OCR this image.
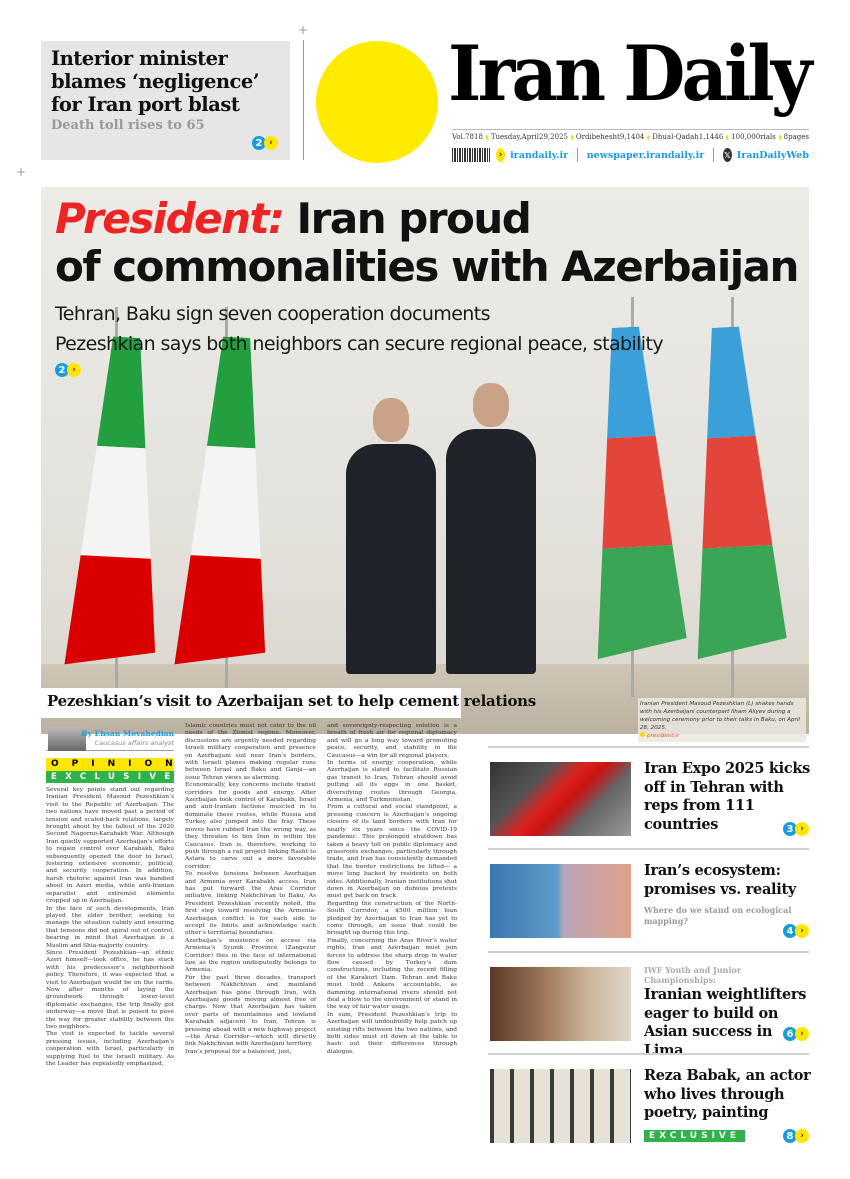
+
+
Interior minister blames ‘negligence’ for Iran port blast
Death toll rises to 65
2 ›
Iran Daily
Vol.7818 Tuesday,April29,2025 Ordibehesht9,1404 Dhual-Qadah1,1446 100,000rials 8pages
› irandaily.ir newspaper.irandaily.ir 𝕏 IranDailyWeb
President: Iran proud
of commonalities with Azerbaijan
Tehran, Baku sign seven cooperation documents
Pezeshkian says both neighbors can secure regional peace, stability
2 ›
Iranian President Masoud Pezeshkian (L) shakes hands with his Azerbaijani counterpart Ilham Aliyev during a welcoming ceremony prior to their talks in Baku, on April 28, 2025.
president.ir
Pezeshkian’s visit to Azerbaijan set to help cement relations
By Ehsan Movahedian
Caucasus affairs analyst
OPINION
EXCLUSIVE

Several key points stand out regarding Iranian President Masoud Pezeshkian’s visit to the Republic of Azerbaijan. The two nations have moved past a period of tension and scaled-back relations, largely brought about by the fallout of the 2020 Second Nagorno-Karabakh War. Although Iran quietly supported Azerbaijan’s efforts to regain control over Karabakh, Baku subsequently opened the door to Israel, fostering extensive economic, political, and security cooperation. In addition, harsh rhetoric against Iran was bandied about in Azeri media, while anti-Iranian separatist and extremist elements cropped up in Azerbaijan.

In the face of such developments, Iran played the elder brother, seeking to manage the situation calmly and ensuring that tensions did not spiral out of control, bearing in mind that Azerbaijan is a Muslim and Shia-majority country.

Since President Pezeshkian—an ethnic Azeri himself—took office, he has stuck with his predecessor’s neighborhood policy. Therefore, it was expected that a visit to Azerbaijan would be on the cards. Now after months of laying the groundwork through lower-level diplomatic exchanges, the trip finally got underway—a move that is poised to pave the way for greater stability between the two neighbors.

The visit is expected to tackle several pressing issues, including Azerbaijan’s cooperation with Israel, particularly in supplying fuel to the Israeli military. As the Leader has repeatedly emphasized,

Islamic countries must not cater to the oil needs of the Zionist regime. Moreover, discussions are urgently needed regarding Israeli military cooperation and presence on Azerbaijani soil near Iran’s borders, with Israeli planes making regular runs between Israel and Baku and Ganja—an issue Tehran views as alarming.

Economically, key concerns include transit corridors for goods and energy. After Azerbaijan took control of Karabakh, Israel and anti-Iranian factions muscled in to dominate these routes, while Russia and Turkey also jumped into the fray. These moves have rubbed Iran the wrong way, as they threaten to box Iran in within the Caucasus. Iran is, therefore, working to push through a rail project linking Rasht to Astara to carve out a more favorable corridor.

To resolve tensions between Azerbaijan and Armenia over Karabakh access, Iran has put forward the Aras Corridor initiative, linking Nakhchivan to Baku. As President Pezeshkian recently noted, the first step toward resolving the Armenia-Azerbaijan conflict is for each side to accept its limits and acknowledge each other’s territorial boundaries.

Azerbaijan’s insistence on access via Armenia’s Syunik Province (Zangezur Corridor) flies in the face of international law, as the region undisputedly belongs to Armenia.

For the past three decades, transport between Nakhchivan and mainland Azerbaijan has gone through Iran, with Azerbaijani goods moving almost free of charge. Now that Azerbaijan has taken over parts of mountainous and lowland Karabakh adjacent to Iran, Tehran is pressing ahead with a new highway project—the Araz Corridor—which will directly link Nakhchivan with Azerbaijani territory.

Iran’s proposal for a balanced, just,

and sovereignty-respecting solution is a breath of fresh air for regional diplomacy and will go a long way toward promoting peace, security, and stability in the Caucasus—a win for all regional players.

In terms of energy cooperation, while Azerbaijan is slated to facilitate Russian gas transit to Iran, Tehran should avoid putting all its eggs in one basket, diversifying routes through Georgia, Armenia, and Turkmenistan.

From a cultural and social standpoint, a pressing concern is Azerbaijan’s ongoing closure of its land borders with Iran for nearly six years since the COVID-19 pandemic. This prolonged shutdown has taken a heavy toll on public diplomacy and grassroots exchanges, particularly through trade, and Iran has consistently demanded that the border restrictions be lifted— a move long backed by residents on both sides. Additionally, Iranian institutions shut down in Azerbaijan on dubious pretexts must get back on track.

Regarding the construction of the North-South Corridor, a $500 million loan pledged by Azerbaijan to Iran has yet to come through, an issue that could be brought up during this trip.

Finally, concerning the Aras River’s water rights, Iran and Azerbaijan must join forces to address the sharp drop in water flow caused by Turkey’s dam constructions, including the recent filling of the Karakurt Dam. Tehran and Baku must hold Ankara accountable, as damming international rivers should not deal a blow to the environment or stand in the way of fair water usage.

In sum, President Pezeshkian’s trip to Azerbaijan will undoubtedly help patch up existing rifts between the two nations, and both sides must sit down at the table to hash out their differences through dialogue.

Iran Expo 2025 kicks off in Tehran with reps from 111 countries	3 ›
Iran’s ecosystem: promises vs. reality
Where do we stand on ecological mapping?
4 ›
IWF Youth and Junior Championships:
Iranian weightlifters eager to build on Asian success in Lima
6 ›
Reza Babak, an actor who lives through poetry, painting
EXCLUSIVE	8 ›
